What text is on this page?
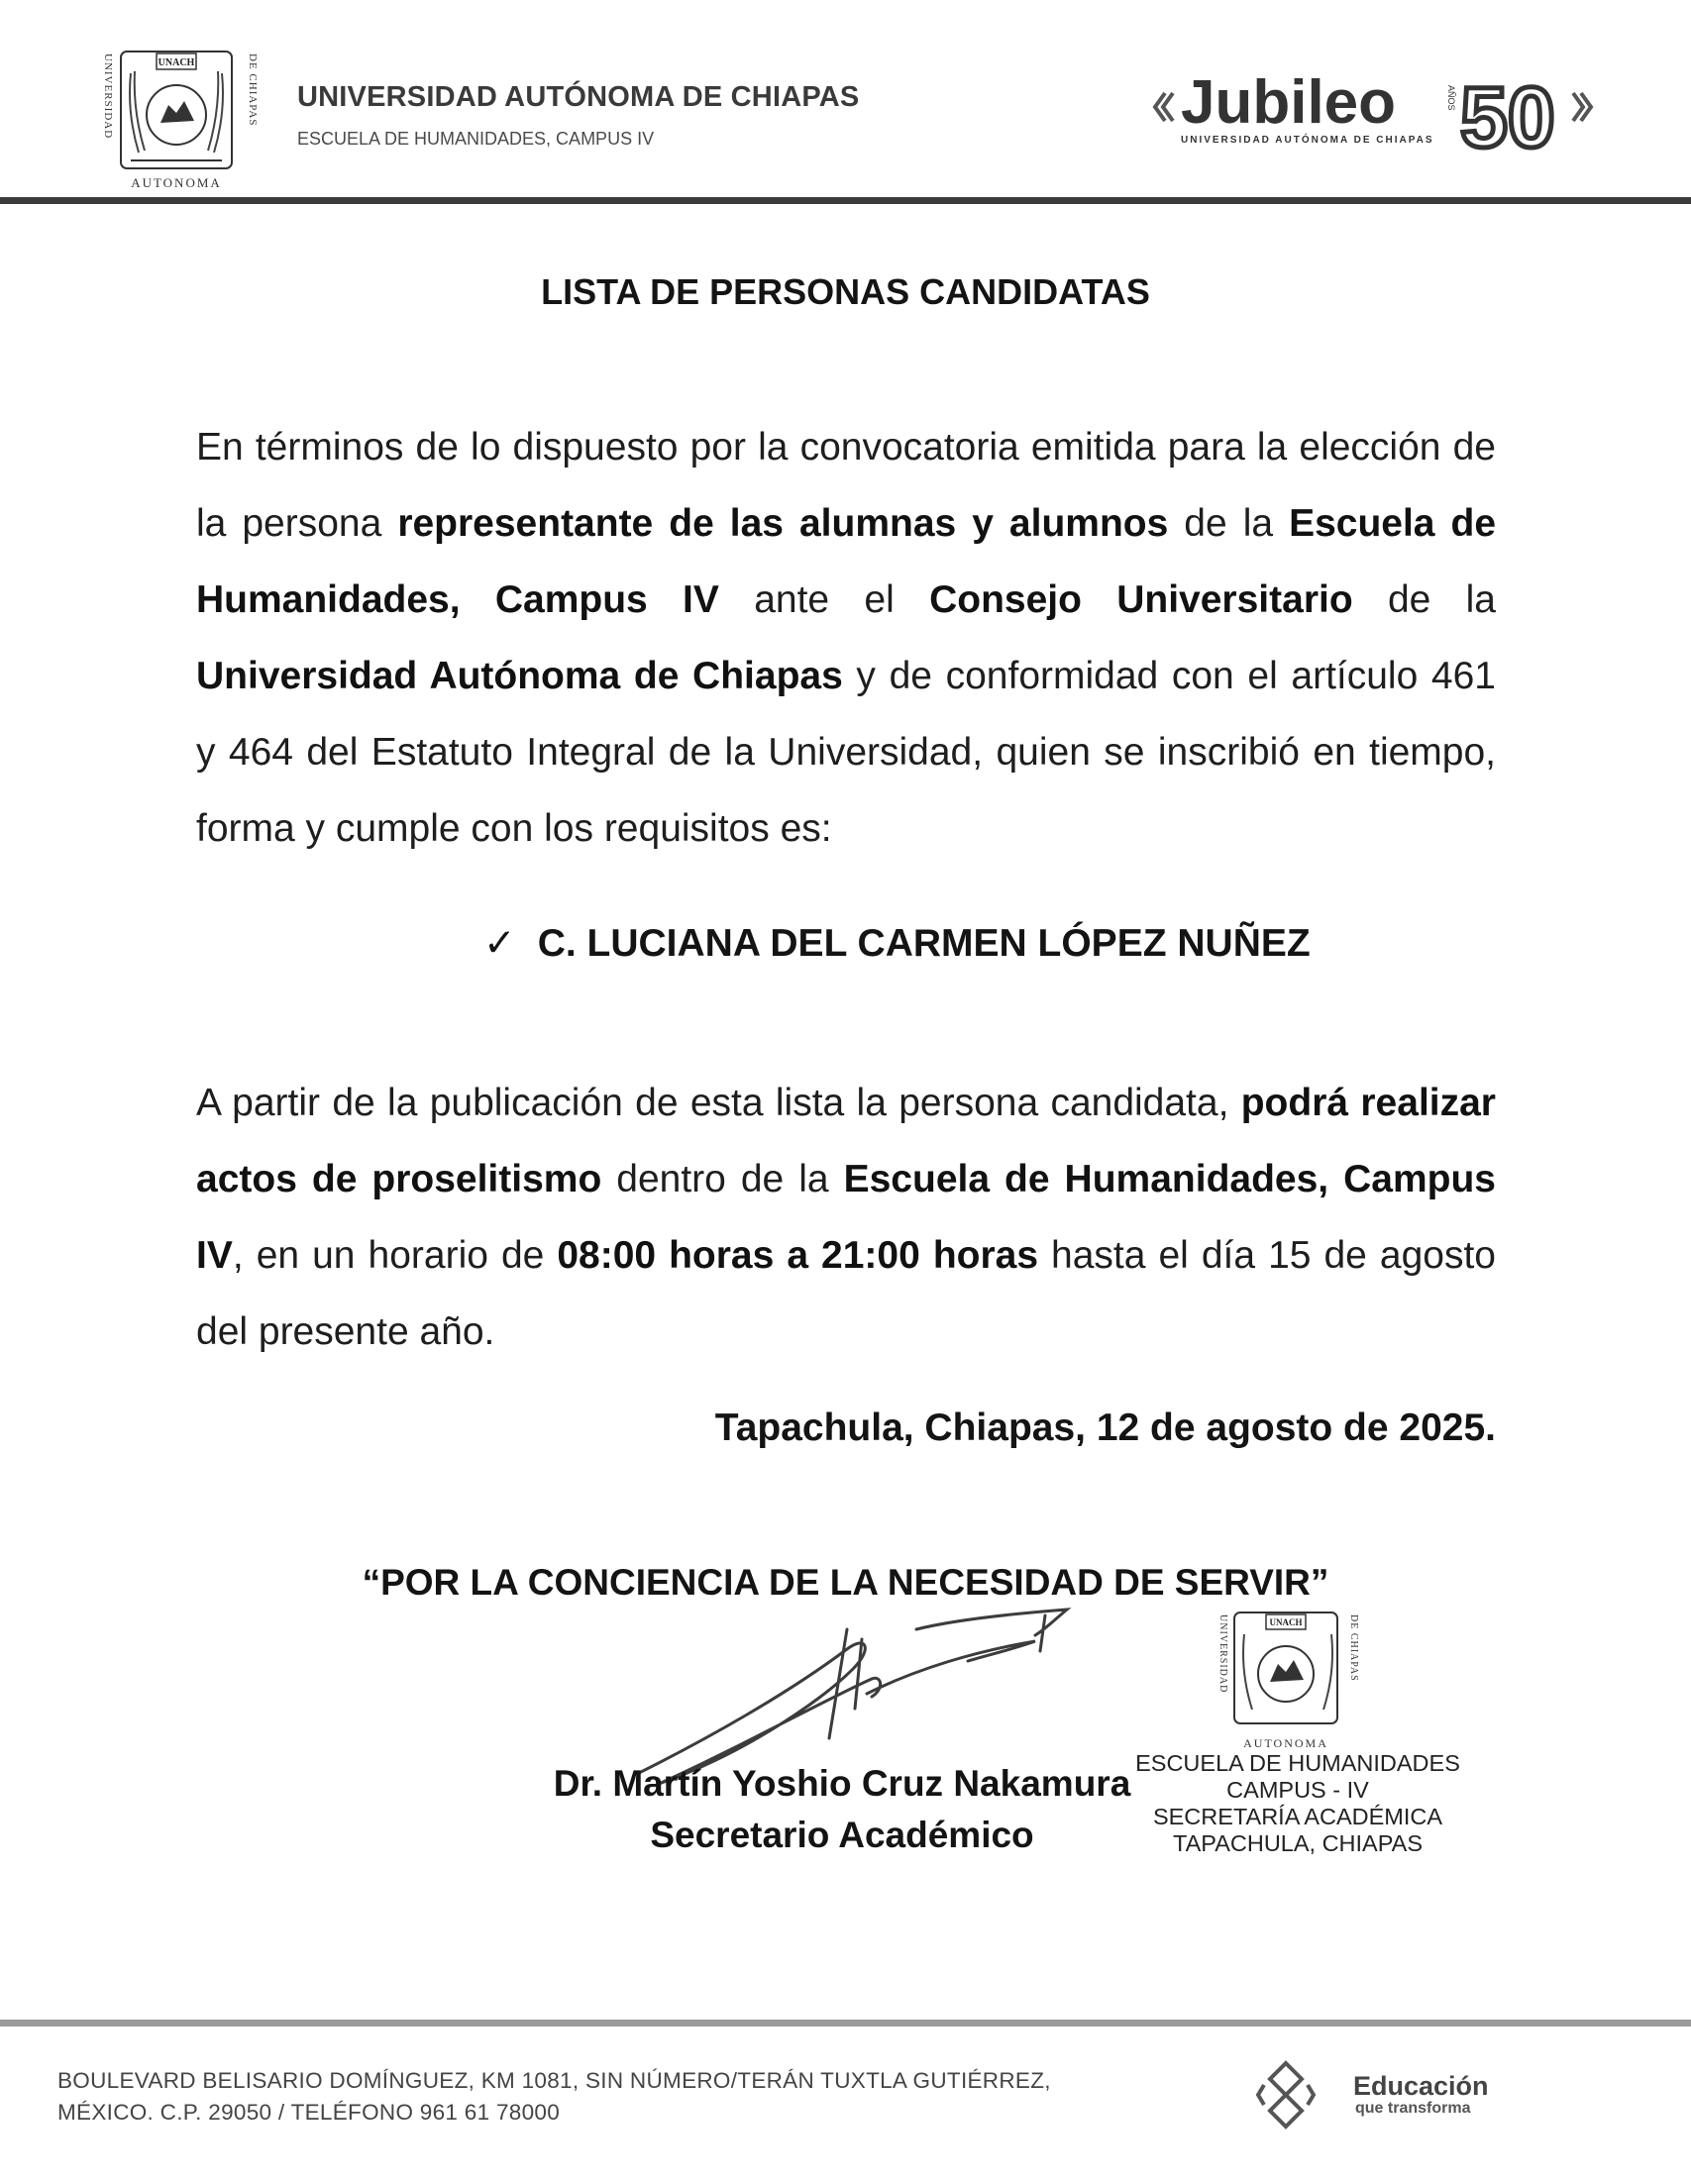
UNIVERSIDAD	DE CHIAPAS
UNACH
AUTONOMA
UNIVERSIDAD AUTÓNOMA DE CHIAPAS
ESCUELA DE HUMANIDADES, CAMPUS IV
Jubileo
UNIVERSIDAD AUTÓNOMA DE CHIAPAS
AÑOS 50
LISTA DE PERSONAS CANDIDATAS
En términos de lo dispuesto por la convocatoria emitida para la elección de la persona representante de las alumnas y alumnos de la Escuela de Humanidades, Campus IV ante el Consejo Universitario de la Universidad Autónoma de Chiapas y de conformidad con el artículo 461 y 464 del Estatuto Integral de la Universidad, quien se inscribió en tiempo, forma y cumple con los requisitos es:
✓ C. LUCIANA DEL CARMEN LÓPEZ NUÑEZ
A partir de la publicación de esta lista la persona candidata, podrá realizar actos de proselitismo dentro de la Escuela de Humanidades, Campus IV, en un horario de 08:00 horas a 21:00 horas hasta el día 15 de agosto del presente año.
Tapachula, Chiapas, 12 de agosto de 2025.
“POR LA CONCIENCIA DE LA NECESIDAD DE SERVIR”
Dr. Martín Yoshio Cruz Nakamura
Secretario Académico
UNIVERSIDAD	DE CHIAPAS
UNACH
AUTONOMA
ESCUELA DE HUMANIDADES
CAMPUS - IV
SECRETARÍA ACADÉMICA
TAPACHULA, CHIAPAS
BOULEVARD BELISARIO DOMÍNGUEZ, KM 1081, SIN NÚMERO/TERÁN TUXTLA GUTIÉRREZ,
MÉXICO. C.P. 29050 / TELÉFONO 961 61 78000
Educación
que transforma
